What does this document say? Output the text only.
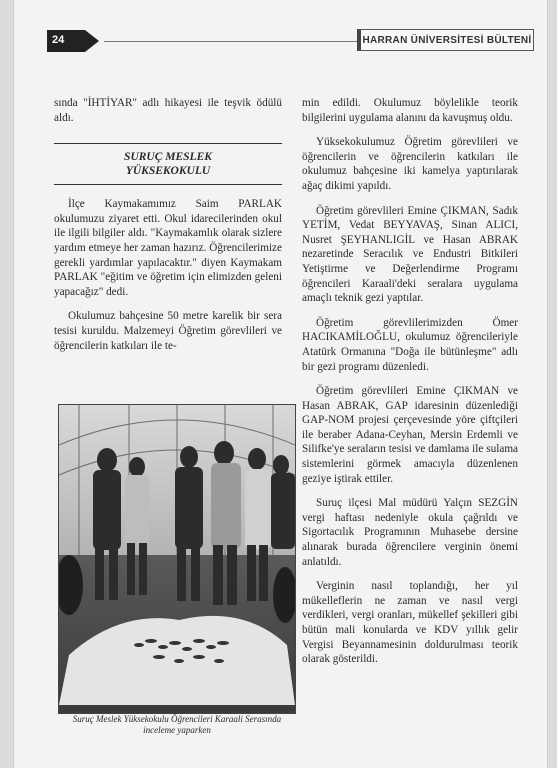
24	HARRAN ÜNİVERSİTESİ BÜLTENİ

sında "İHTİYAR" adlı hikayesi ile teşvik ödülü aldı.

SURUÇ MESLEK
YÜKSEKOKULU

İlçe Kaymakamımız Saim PARLAK okulumuzu ziyaret etti. Okul idarecilerinden okul ile ilgili bilgiler aldı. "Kaymakamlık olarak sizlere yardım etmeye her zaman hazırız. Öğrencilerimize gerekli yardımlar yapılacaktır." diyen Kaymakam PARLAK "eğitim ve öğretim için elimizden geleni yapacağız" dedi.

Okulumuz bahçesine 50 metre karelik bir sera tesisi kuruldu. Malzemeyi Öğretim görevlileri ve öğrencilerin katkıları ile te-

Suruç Meslek Yüksekokulu Öğrencileri Karaali Serasında
inceleme yaparken

min edildi. Okulumuz böylelikle teorik bilgilerini uygulama alanını da kavuşmuş oldu.

Yüksekokulumuz Öğretim görevlileri ve öğrencilerin ve öğrencilerin katkıları ile okulumuz bahçesine iki kamelya yaptırılarak ağaç dikimi yapıldı.

Öğretim görevlileri Emine ÇIKMAN, Sadık YETİM, Vedat BEYYAVAŞ, Sinan ALICI, Nusret ŞEYHANLIGİL ve Hasan ABRAK nezaretinde Seracılık ve Endustri Bitkileri Yetiştirme ve Değerlendirme Programı öğrencileri Karaali'deki seralara uygulama amaçlı teknik gezi yaptılar.

Öğretim görevlilerimizden Ömer HACIKAMİLOĞLU, okulumuz öğrencileriyle Atatürk Ormanına "Doğa ile bütünleşme" adlı bir gezi programı düzenledi.

Öğretim görevlileri Emine ÇIKMAN ve Hasan ABRAK, GAP idaresinin düzenlediği GAP-NOM projesi çerçevesinde yöre çiftçileri ile beraber Adana-Ceyhan, Mersin Erdemli ve Silifke'ye seraların tesisi ve damlama ile sulama sistemlerini görmek amacıyla düzenlenen geziye iştirak ettiler.

Suruç ilçesi Mal müdürü Yalçın SEZGİN vergi haftası nedeniyle okula çağrıldı ve Sigortacılık Programının Muhasebe dersine alınarak burada öğrencilere verginin önemi anlatıldı.

Verginin nasıl toplandığı, her yıl mükelleflerin ne zaman ve nasıl vergi verdikleri, vergi oranları, mükellef şekilleri gibi bütün mali konularda ve KDV yıllık gelir Vergisi Beyannamesinin doldurulması teorik olarak gösterildi.
